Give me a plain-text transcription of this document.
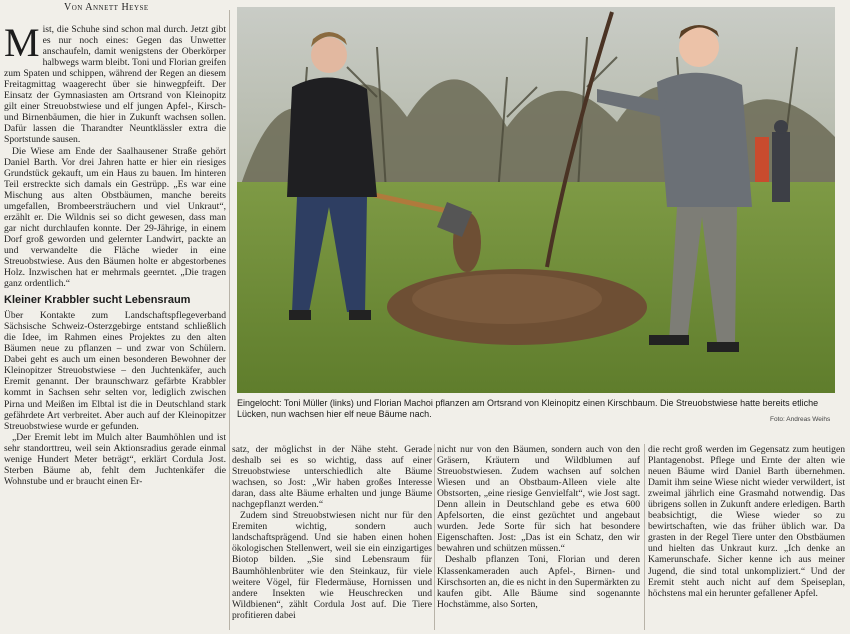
Von Annett Heyse

Mist, die Schuhe sind schon mal durch. Jetzt gibt es nur noch eines: Gegen das Unwetter anschaufeln, damit wenigstens der Oberkörper halbwegs warm bleibt. Toni und Florian greifen zum Spaten und schippen, während der Regen an diesem Freitagmittag waagerecht über sie hinwegpfeift. Der Einsatz der Gymnasiasten am Ortsrand von Kleinopitz gilt einer Streuobstwiese und elf jungen Apfel-, Kirsch- und Birnenbäumen, die hier in Zukunft wachsen sollen. Dafür lassen die Tharandter Neuntklässler extra die Sportstunde sausen.

Die Wiese am Ende der Saalhausener Straße gehört Daniel Barth. Vor drei Jahren hatte er hier ein riesiges Grundstück gekauft, um ein Haus zu bauen. Im hinteren Teil erstreckte sich damals ein Gestrüpp. „Es war eine Mischung aus alten Obstbäumen, manche bereits umgefallen, Brombeersträuchern und viel Unkraut“, erzählt er. Die Wildnis sei so dicht gewesen, dass man gar nicht durchlaufen konnte. Der 29-Jährige, in einem Dorf groß geworden und gelernter Landwirt, packte an und verwandelte die Fläche wieder in eine Streuobstwiese. Aus den Bäumen holte er abgestorbenes Holz. Inzwischen hat er mehrmals geerntet. „Die tragen ganz ordentlich.“

Kleiner Krabbler sucht Lebensraum

Über Kontakte zum Landschaftspflegeverband Sächsische Schweiz-Osterzgebirge entstand schließlich die Idee, im Rahmen eines Projektes zu den alten Bäumen neue zu pflanzen – und zwar von Schülern. Dabei geht es auch um einen besonderen Bewohner der Kleinopitzer Streuobstwiese – den Juchtenkäfer, auch Eremit genannt. Der braunschwarz gefärbte Krabbler kommt in Sachsen sehr selten vor, lediglich zwischen Pirna und Meißen im Elbtal ist die in Deutschland stark gefährdete Art verbreitet. Aber auch auf der Kleinopitzer Streuobstwiese wurde er gefunden.

„Der Eremit lebt im Mulch alter Baumhöhlen und ist sehr standorttreu, weil sein Aktionsradius gerade einmal wenige Hundert Meter beträgt“, erklärt Cordula Jost. Sterben Bäume ab, fehlt dem Juchtenkäfer die Wohnstube und er braucht einen Er-

Eingelocht: Toni Müller (links) und Florian Machoi pflanzen am Ortsrand von Kleinopitz einen Kirschbaum. Die Streuobstwiese hatte bereits etliche Lücken, nun wachsen hier elf neue Bäume nach.
Foto: Andreas Weihs

satz, der möglichst in der Nähe steht. Gerade deshalb sei es so wichtig, dass auf einer Streuobstwiese unterschiedlich alte Bäume wachsen, so Jost: „Wir haben großes Interesse daran, dass alte Bäume erhalten und junge Bäume nachgepflanzt werden.“

Zudem sind Streuobstwiesen nicht nur für den Eremiten wichtig, sondern auch landschaftsprägend. Und sie haben einen hohen ökologischen Stellenwert, weil sie ein einzigartiges Biotop bilden. „Sie sind Lebensraum für Baumhöhlenbrüter wie den Steinkauz, für viele weitere Vögel, für Fledermäuse, Hornissen und andere Insekten wie Heuschrecken und Wildbienen“, zählt Cordula Jost auf. Die Tiere profitieren dabei

nicht nur von den Bäumen, sondern auch von den Gräsern, Kräutern und Wildblumen auf Streuobstwiesen. Zudem wachsen auf solchen Wiesen und an Obstbaum-Alleen viele alte Obstsorten, „eine riesige Genvielfalt“, wie Jost sagt. Denn allein in Deutschland gebe es etwa 600 Apfelsorten, die einst gezüchtet und angebaut wurden. Jede Sorte für sich hat besondere Eigenschaften. Jost: „Das ist ein Schatz, den wir bewahren und schützen müssen.“

Deshalb pflanzen Toni, Florian und deren Klassenkameraden auch Apfel-, Birnen- und Kirschsorten an, die es nicht in den Supermärkten zu kaufen gibt. Alle Bäume sind sogenannte Hochstämme, also Sorten,

die recht groß werden im Gegensatz zum heutigen Plantagenobst. Pflege und Ernte der alten wie neuen Bäume wird Daniel Barth übernehmen. Damit ihm seine Wiese nicht wieder verwildert, ist zweimal jährlich eine Grasmahd notwendig. Das übrigens sollen in Zukunft andere erledigen. Barth beabsichtigt, die Wiese wieder so zu bewirtschaften, wie das früher üblich war. Da grasten in der Regel Tiere unter den Obstbäumen und hielten das Unkraut kurz. „Ich denke an Kamerunschafe. Sicher kenne ich aus meiner Jugend, die sind total unkompliziert.“ Und der Eremit steht auch nicht auf dem Speiseplan, höchstens mal ein herunter gefallener Apfel.
